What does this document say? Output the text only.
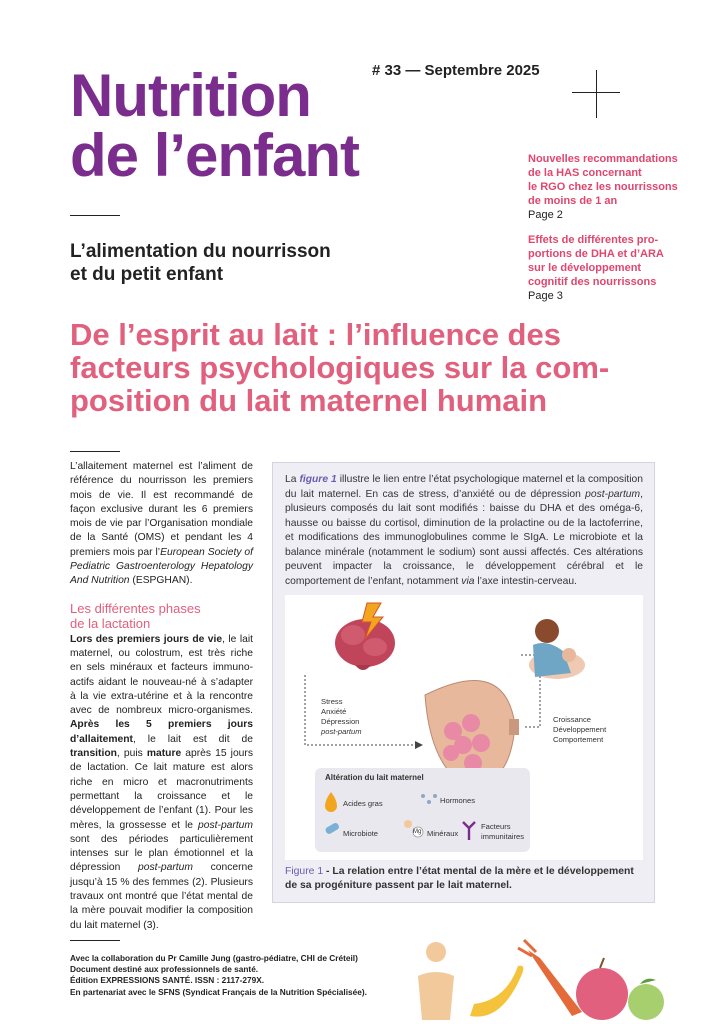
Nutrition
de l’enfant
# 33 — Septembre 2025
L’alimentation du nourrisson
et du petit enfant
Nouvelles recommandations
de la HAS concernant
le RGO chez les nourrissons
de moins de 1 an
Page 2
Effets de différentes pro-
portions de DHA et d’ARA
sur le développement
cognitif des nourrissons
Page 3
De l’esprit au lait : l’influence des
facteurs psychologiques sur la com-
position du lait maternel humain

L’allaitement maternel est l’aliment de référence du nourrisson les premiers mois de vie. Il est recommandé de façon exclusive durant les 6 premiers mois de vie par l’Organisation mondiale de la Santé (OMS) et pendant les 4 premiers mois par l’European Society of Pediatric Gastroenterology Hepatology And Nutrition (ESPGHAN).

Les différentes phases
de la lactation

Lors des premiers jours de vie, le lait maternel, ou colostrum, est très riche en sels minéraux et facteurs immuno-actifs aidant le nouveau-né à s’adapter à la vie extra-utérine et à la rencontre avec de nombreux micro-organismes. Après les 5 premiers jours d’allaitement, le lait est dit de transition, puis mature après 15 jours de lactation. Ce lait mature est alors riche en micro et macronutriments permettant la croissance et le développement de l’enfant (1). Pour les mères, la grossesse et le post-partum sont des périodes particulièrement intenses sur le plan émotionnel et la dépression post-partum concerne jusqu’à 15 % des femmes (2). Plusieurs travaux ont montré que l’état mental de la mère pouvait modifier la composition du lait maternel (3).

La figure 1 illustre le lien entre l’état psychologique maternel et la composition du lait maternel. En cas de stress, d’anxiété ou de dépression post-partum, plusieurs composés du lait sont modifiés : baisse du DHA et des oméga-6, hausse ou baisse du cortisol, diminution de la prolactine ou de la lactoferrine, et modifications des immunoglobulines comme le SIgA. Le microbiote et la balance minérale (notamment le sodium) sont aussi affectés. Ces altérations peuvent impacter la croissance, le développement cérébral et le comportement de l’enfant, notamment via l’axe intestin-cerveau.
Stress
Anxiété
Dépression
post-partum
Croissance
Développement
Comportement
Altération du lait maternel
Acides gras	Hormones
Microbiote	Mg Minéraux
Facteurs
immunitaires
Figure 1 - La relation entre l’état mental de la mère et le développement de sa progéniture passent par le lait maternel.
Avec la collaboration du Pr Camille Jung (gastro-pédiatre, CHI de Créteil)
Document destiné aux professionnels de santé.
Édition EXPRESSIONS SANTÉ. ISSN : 2117-279X.
En partenariat avec le SFNS (Syndicat Français de la Nutrition Spécialisée).
